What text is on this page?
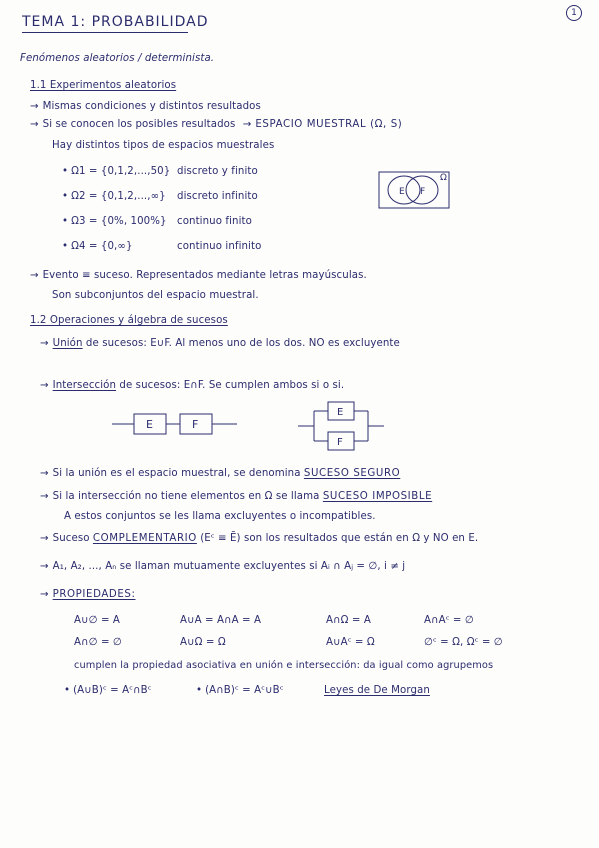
TEMA 1: PROBABILIDAD
1
Fenómenos aleatorios / determinista.
1.1 Experimentos aleatorios
→ Mismas condiciones y distintos resultados
→ Si se conocen los posibles resultados → ESPACIO MUESTRAL (Ω, S)
Hay distintos tipos de espacios muestrales
• Ω1 = {0,1,2,...,50} discreto y finito
• Ω2 = {0,1,2,...,∞} discreto infinito
• Ω3 = {0%, 100%} continuo finito
• Ω4 = {0,∞}	continuo infinito
E F
Ω
→ Evento ≡ suceso. Representados mediante letras mayúsculas.
Son subconjuntos del espacio muestral.
1.2 Operaciones y álgebra de sucesos
→ Unión de sucesos: E∪F. Al menos uno de los dos. NO es excluyente
→ Intersección de sucesos: E∩F. Se cumplen ambos si o si.
E	F
E
F
→ Si la unión es el espacio muestral, se denomina SUCESO SEGURO
→ Si la intersección no tiene elementos en Ω se llama SUCESO IMPOSIBLE
A estos conjuntos se les llama excluyentes o incompatibles.
→ Suceso COMPLEMENTARIO (Eᶜ ≡ Ē) son los resultados que están en Ω y NO en E.
→ A₁, A₂, ..., Aₙ se llaman mutuamente excluyentes si Aᵢ ∩ Aⱼ = ∅, i ≠ j
→ PROPIEDADES:
A∪∅ = A	A∪A = A∩A = A	A∩Ω = A	A∩Aᶜ = ∅
A∩∅ = ∅	A∪Ω = Ω	A∪Aᶜ = Ω	∅ᶜ = Ω, Ωᶜ = ∅
cumplen la propiedad asociativa en unión e intersección: da igual como agrupemos
• (A∪B)ᶜ = Aᶜ∩Bᶜ	• (A∩B)ᶜ = Aᶜ∪Bᶜ	Leyes de De Morgan
